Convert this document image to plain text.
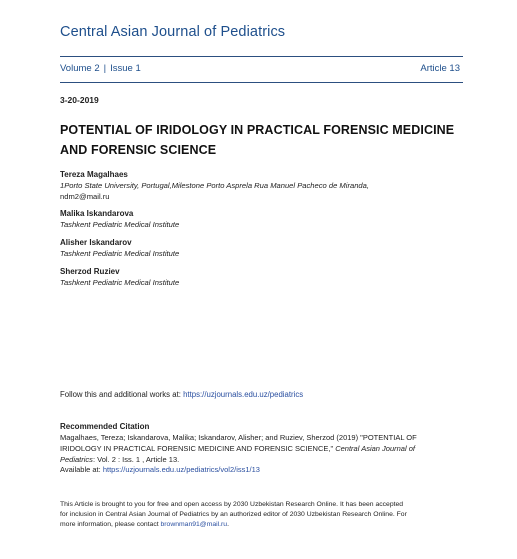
Central Asian Journal of Pediatrics
Volume 2 | Issue 1	Article 13
3-20-2019
POTENTIAL OF IRIDOLOGY IN PRACTICAL FORENSIC MEDICINE
AND FORENSIC SCIENCE
Tereza Magalhaes
1Porto State University, Portugal,Milestone Porto Asprela Rua Manuel Pacheco de Miranda,
ndm2@mail.ru
Malika Iskandarova
Tashkent Pediatric Medical Institute
Alisher Iskandarov
Tashkent Pediatric Medical Institute
Sherzod Ruziev
Tashkent Pediatric Medical Institute
Follow this and additional works at: https://uzjournals.edu.uz/pediatrics
Recommended Citation
Magalhaes, Tereza; Iskandarova, Malika; Iskandarov, Alisher; and Ruziev, Sherzod (2019) "POTENTIAL OF
IRIDOLOGY IN PRACTICAL FORENSIC MEDICINE AND FORENSIC SCIENCE," Central Asian Journal of
Pediatrics: Vol. 2 : Iss. 1 , Article 13.
Available at: https://uzjournals.edu.uz/pediatrics/vol2/iss1/13
This Article is brought to you for free and open access by 2030 Uzbekistan Research Online. It has been accepted
for inclusion in Central Asian Journal of Pediatrics by an authorized editor of 2030 Uzbekistan Research Online. For
more information, please contact brownman91@mail.ru.
